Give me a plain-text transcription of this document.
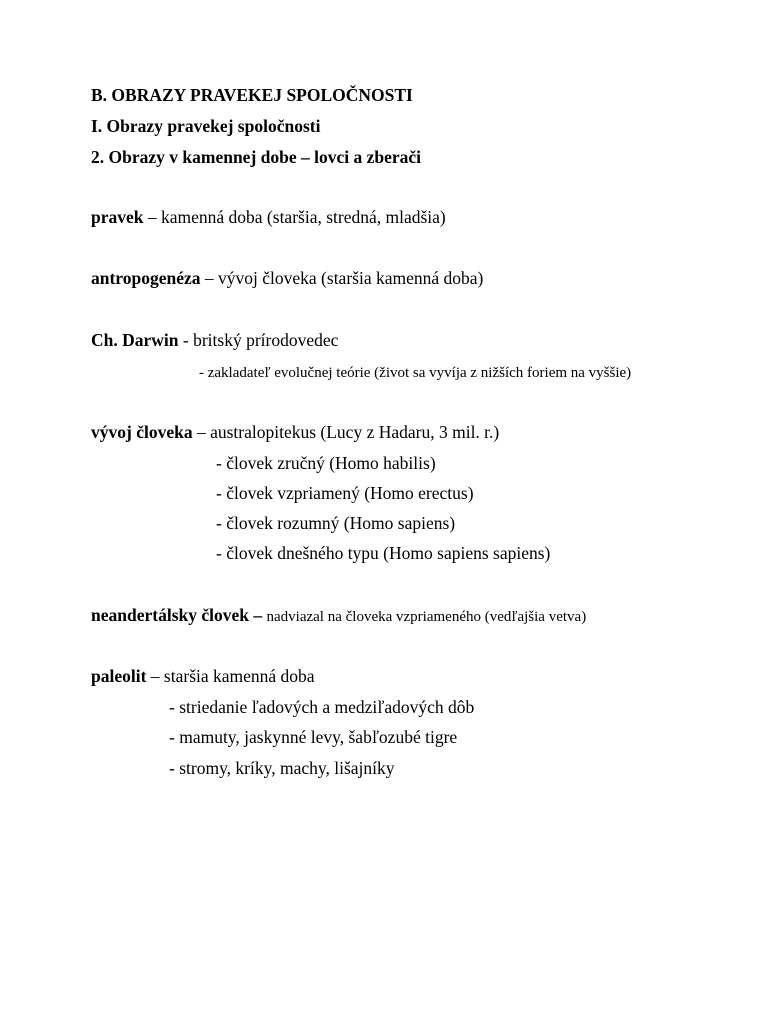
B. OBRAZY PRAVEKEJ SPOLOČNOSTI
I. Obrazy pravekej spoločnosti
2. Obrazy v kamennej dobe – lovci a zberači
pravek – kamenná doba (staršia, stredná, mladšia)
antropogenéza – vývoj človeka (staršia kamenná doba)
Ch. Darwin - britský prírodovedec
- zakladateľ evolučnej teórie (život sa vyvíja z nižších foriem na vyššie)
vývoj človeka – australopitekus (Lucy z Hadaru, 3 mil. r.)
- človek zručný (Homo habilis)
- človek vzpriamený (Homo erectus)
- človek rozumný (Homo sapiens)
- človek dnešného typu (Homo sapiens sapiens)
neandertálsky človek – nadviazal na človeka vzpriameného (vedľajšia vetva)
paleolit – staršia kamenná doba
- striedanie ľadových a medziľadových dôb
- mamuty, jaskynné levy, šabľozubé tigre
- stromy, kríky, machy, lišajníky
